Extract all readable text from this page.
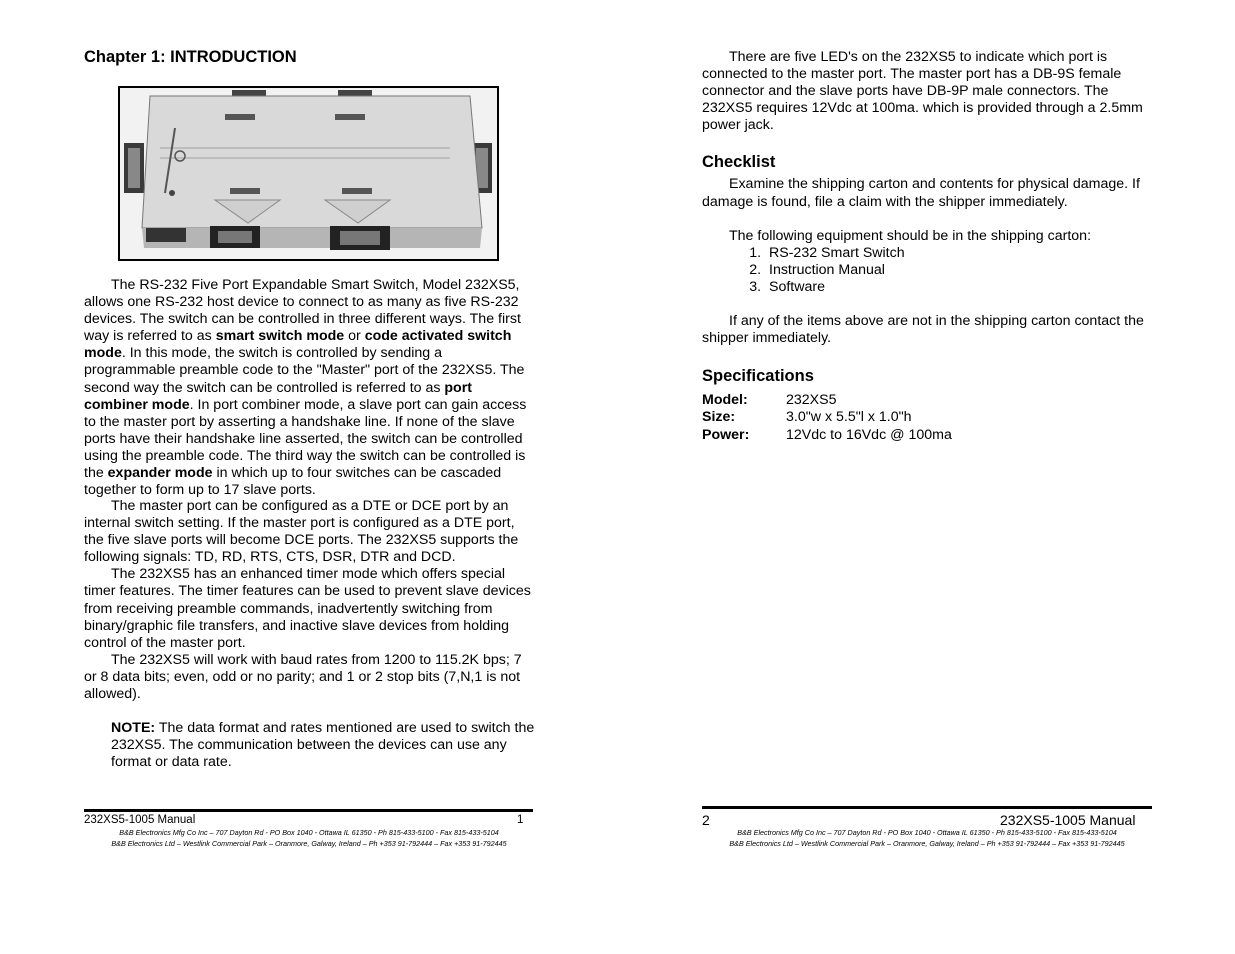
Chapter 1: INTRODUCTION

The RS-232 Five Port Expandable Smart Switch, Model 232XS5, allows one RS-232 host device to connect to as many as five RS-232 devices. The switch can be controlled in three different ways. The first way is referred to as smart switch mode or code activated switch mode. In this mode, the switch is controlled by sending a programmable preamble code to the "Master" port of the 232XS5. The second way the switch can be controlled is referred to as port combiner mode. In port combiner mode, a slave port can gain access to the master port by asserting a handshake line. If none of the slave ports have their handshake line asserted, the switch can be controlled using the preamble code. The third way the switch can be controlled is the expander mode in which up to four switches can be cascaded together to form up to 17 slave ports.

The master port can be configured as a DTE or DCE port by an internal switch setting. If the master port is configured as a DTE port, the five slave ports will become DCE ports. The 232XS5 supports the following signals: TD, RD, RTS, CTS, DSR, DTR and DCD.

The 232XS5 has an enhanced timer mode which offers special timer features. The timer features can be used to prevent slave devices from receiving preamble commands, inadvertently switching from binary/graphic file transfers, and inactive slave devices from holding control of the master port.

The 232XS5 will work with baud rates from 1200 to 115.2K bps; 7 or 8 data bits; even, odd or no parity; and 1 or 2 stop bits (7,N,1 is not allowed).

NOTE: The data format and rates mentioned are used to switch the 232XS5. The communication between the devices can use any format or data rate.

232XS5-1005 Manual	1
B&B Electronics Mfg Co Inc – 707 Dayton Rd - PO Box 1040 - Ottawa IL 61350 - Ph 815-433-5100 - Fax 815-433-5104
B&B Electronics Ltd – Westlink Commercial Park – Oranmore, Galway, Ireland – Ph +353 91-792444 – Fax +353 91-792445

There are five LED's on the 232XS5 to indicate which port is connected to the master port. The master port has a DB-9S female connector and the slave ports have DB-9P male connectors. The 232XS5 requires 12Vdc at 100ma. which is provided through a 2.5mm power jack.

Checklist

Examine the shipping carton and contents for physical damage. If damage is found, file a claim with the shipper immediately.

The following equipment should be in the shipping carton:

1. RS-232 Smart Switch
2. Instruction Manual
3. Software

If any of the items above are not in the shipping carton contact the shipper immediately.

Specifications
Model:	232XS5
Size:	3.0"w x 5.5"l x 1.0"h
Power:	12Vdc to 16Vdc @ 100ma
2	232XS5-1005 Manual
B&B Electronics Mfg Co Inc – 707 Dayton Rd - PO Box 1040 - Ottawa IL 61350 - Ph 815-433-5100 - Fax 815-433-5104
B&B Electronics Ltd – Westlink Commercial Park – Oranmore, Galway, Ireland – Ph +353 91-792444 – Fax +353 91-792445
